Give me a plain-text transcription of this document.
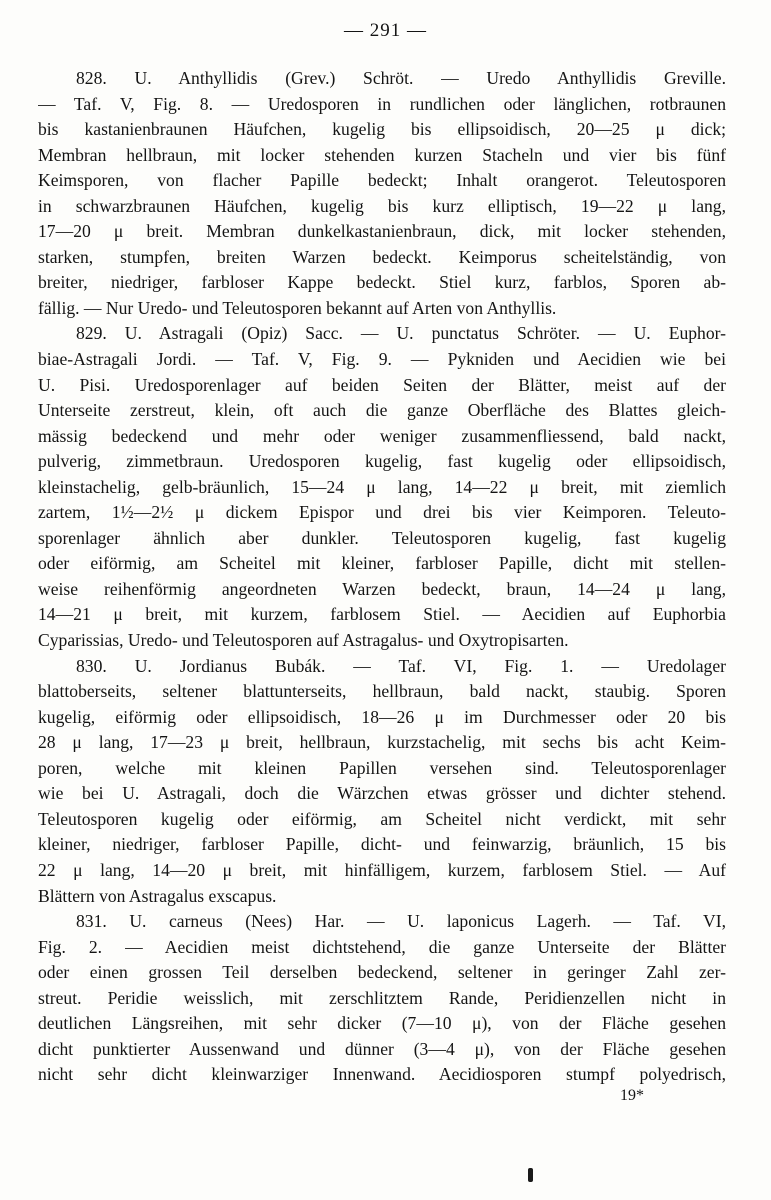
— 291 —
828. U. Anthyllidis (Grev.) Schröt. — Uredo Anthyllidis Greville.
— Taf. V, Fig. 8. — Uredosporen in rundlichen oder länglichen, rotbraunen
bis kastanienbraunen Häufchen, kugelig bis ellipsoidisch, 20—25 μ dick;
Membran hellbraun, mit locker stehenden kurzen Stacheln und vier bis fünf
Keimsporen, von flacher Papille bedeckt; Inhalt orangerot. Teleutosporen
in schwarzbraunen Häufchen, kugelig bis kurz elliptisch, 19—22 μ lang,
17—20 μ breit. Membran dunkelkastanienbraun, dick, mit locker stehenden,
starken, stumpfen, breiten Warzen bedeckt. Keimporus scheitelständig, von
breiter, niedriger, farbloser Kappe bedeckt. Stiel kurz, farblos, Sporen ab-
fällig. — Nur Uredo- und Teleutosporen bekannt auf Arten von Anthyllis.
829. U. Astragali (Opiz) Sacc. — U. punctatus Schröter. — U. Euphor-
biae-Astragali Jordi. — Taf. V, Fig. 9. — Pykniden und Aecidien wie bei
U. Pisi. Uredosporenlager auf beiden Seiten der Blätter, meist auf der
Unterseite zerstreut, klein, oft auch die ganze Oberfläche des Blattes gleich-
mässig bedeckend und mehr oder weniger zusammenfliessend, bald nackt,
pulverig, zimmetbraun. Uredosporen kugelig, fast kugelig oder ellipsoidisch,
kleinstachelig, gelb-bräunlich, 15—24 μ lang, 14—22 μ breit, mit ziemlich
zartem, 1½—2½ μ dickem Epispor und drei bis vier Keimporen. Teleuto-
sporenlager ähnlich aber dunkler. Teleutosporen kugelig, fast kugelig
oder eiförmig, am Scheitel mit kleiner, farbloser Papille, dicht mit stellen-
weise reihenförmig angeordneten Warzen bedeckt, braun, 14—24 μ lang,
14—21 μ breit, mit kurzem, farblosem Stiel. — Aecidien auf Euphorbia
Cyparissias, Uredo- und Teleutosporen auf Astragalus- und Oxytropisarten.
830. U. Jordianus Bubák. — Taf. VI, Fig. 1. — Uredolager
blattoberseits, seltener blattunterseits, hellbraun, bald nackt, staubig. Sporen
kugelig, eiförmig oder ellipsoidisch, 18—26 μ im Durchmesser oder 20 bis
28 μ lang, 17—23 μ breit, hellbraun, kurzstachelig, mit sechs bis acht Keim-
poren, welche mit kleinen Papillen versehen sind. Teleutosporenlager
wie bei U. Astragali, doch die Wärzchen etwas grösser und dichter stehend.
Teleutosporen kugelig oder eiförmig, am Scheitel nicht verdickt, mit sehr
kleiner, niedriger, farbloser Papille, dicht- und feinwarzig, bräunlich, 15 bis
22 μ lang, 14—20 μ breit, mit hinfälligem, kurzem, farblosem Stiel. — Auf
Blättern von Astragalus exscapus.
831. U. carneus (Nees) Har. — U. laponicus Lagerh. — Taf. VI,
Fig. 2. — Aecidien meist dichtstehend, die ganze Unterseite der Blätter
oder einen grossen Teil derselben bedeckend, seltener in geringer Zahl zer-
streut. Peridie weisslich, mit zerschlitztem Rande, Peridienzellen nicht in
deutlichen Längsreihen, mit sehr dicker (7—10 μ), von der Fläche gesehen
dicht punktierter Aussenwand und dünner (3—4 μ), von der Fläche gesehen
nicht sehr dicht kleinwarziger Innenwand. Aecidiosporen stumpf polyedrisch,
19*
